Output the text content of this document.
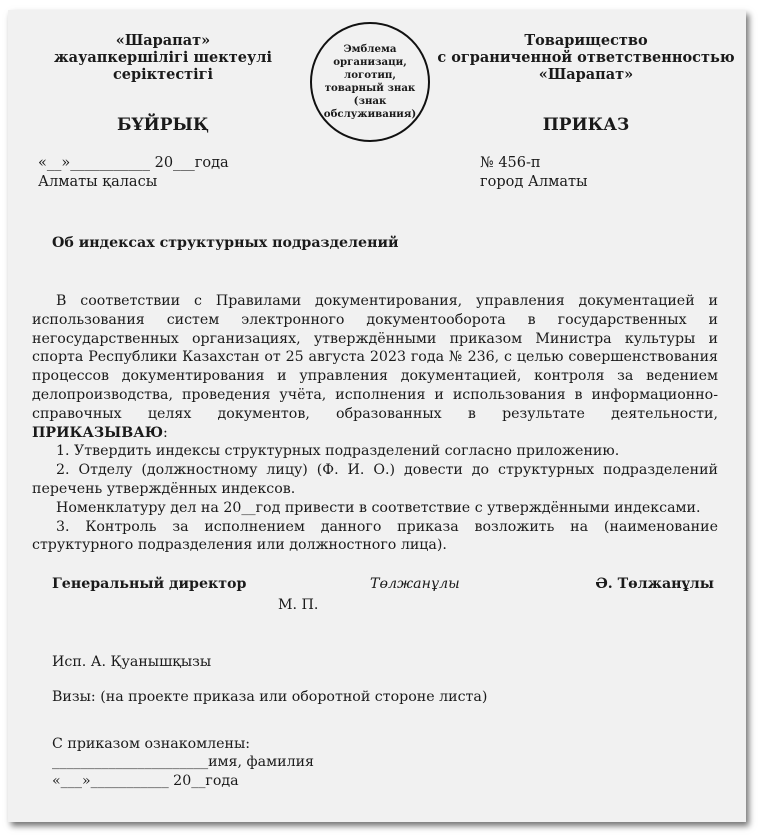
«Шарапат»
жауапкершілігі шектеулі
серіктестігі
Эмблема организаци, логотип, товарный знак (знак обслуживания)
Товарищество
с ограниченной ответственностью
«Шарапат»
БҰЙРЫҚ	ПРИКАЗ
«__»___________ 20___года
Алматы қаласы
№ 456-п
город Алматы
Об индексах структурных подразделений

В соответствии с Правилами документирования, управления документацией и использования систем электронного документооборота в государственных и негосударственных организациях, утверждёнными приказом Министра культуры и спорта Республики Казахстан от 25 августа 2023 года № 236, с целью совершенствования процессов документирования и управления документацией, контроля за ведением делопроизводства, проведения учёта, исполнения и использования в информационно-справочных целях документов, образованных в результате деятельности, ПРИКАЗЫВАЮ:

1. Утвердить индексы структурных подразделений согласно приложению.

2. Отделу (должностному лицу) (Ф. И. О.) довести до структурных подразделений перечень утверждённых индексов.

Номенклатуру дел на 20__год привести в соответствие с утверждёнными индексами.

3. Контроль за исполнением данного приказа возложить на (наименование структурного подразделения или должностного лица).

Генеральный директор	Төлжанұлы	Ә. Төлжанұлы
М. П.
Исп. А. Қуанышқызы
Визы: (на проекте приказа или оборотной стороне листа)
С приказом ознакомлены:
______________________имя, фамилия
«___»___________ 20__года
